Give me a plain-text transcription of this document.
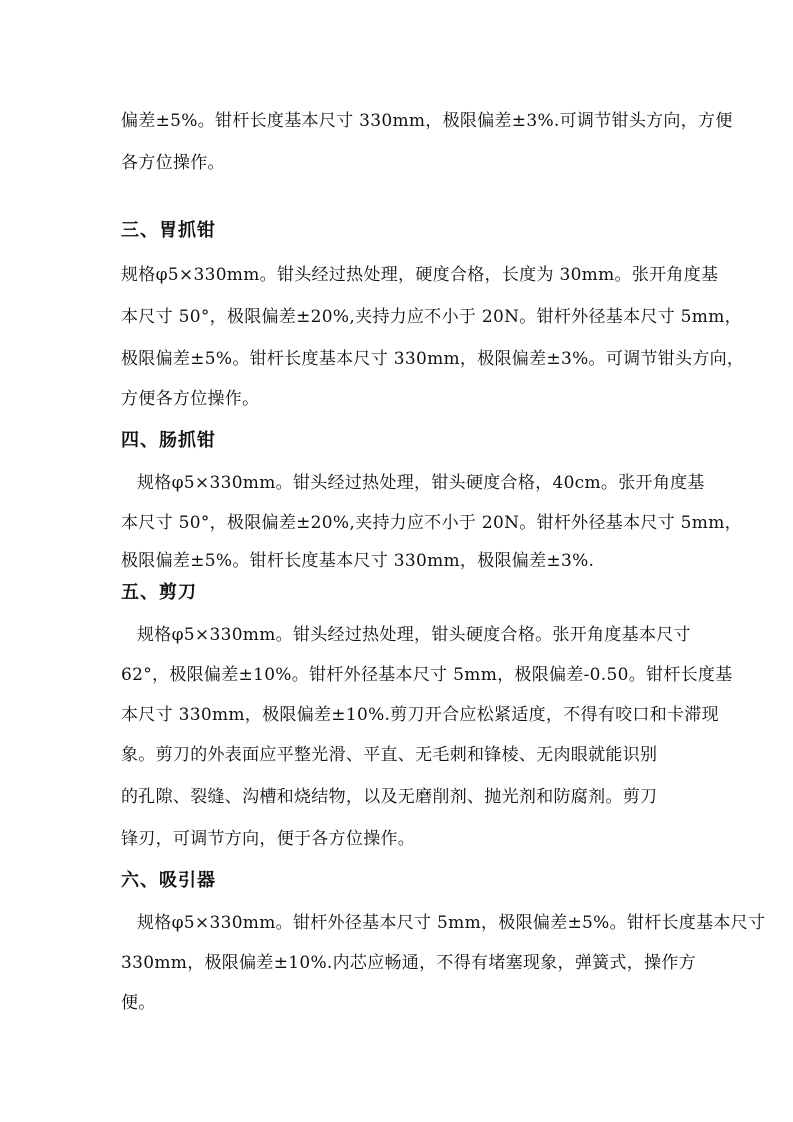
偏差±5%。钳杆长度基本尺寸 330mm，极限偏差±3%.可调节钳头方向，方便
各方位操作。
三、胃抓钳
规格φ5×330mm。钳头经过热处理，硬度合格，长度为 30mm。张开角度基
本尺寸 50°，极限偏差±20%,夹持力应不小于 20N。钳杆外径基本尺寸 5mm，
极限偏差±5%。钳杆长度基本尺寸 330mm，极限偏差±3%。可调节钳头方向，
方便各方位操作。
四、肠抓钳
规格φ5×330mm。钳头经过热处理，钳头硬度合格，40cm。张开角度基
本尺寸 50°，极限偏差±20%,夹持力应不小于 20N。钳杆外径基本尺寸 5mm，
极限偏差±5%。钳杆长度基本尺寸 330mm，极限偏差±3%.
五、剪刀
规格φ5×330mm。钳头经过热处理，钳头硬度合格。张开角度基本尺寸
62°，极限偏差±10%。钳杆外径基本尺寸 5mm，极限偏差-0.50。钳杆长度基
本尺寸 330mm，极限偏差±10%.剪刀开合应松紧适度，不得有咬口和卡滞现
象。剪刀的外表面应平整光滑、平直、无毛刺和锋棱、无肉眼就能识别
的孔隙、裂缝、沟槽和烧结物，以及无磨削剂、抛光剂和防腐剂。剪刀
锋刃，可调节方向，便于各方位操作。
六、吸引器
规格φ5×330mm。钳杆外径基本尺寸 5mm，极限偏差±5%。钳杆长度基本尺寸
330mm，极限偏差±10%.内芯应畅通，不得有堵塞现象，弹簧式，操作方
便。
